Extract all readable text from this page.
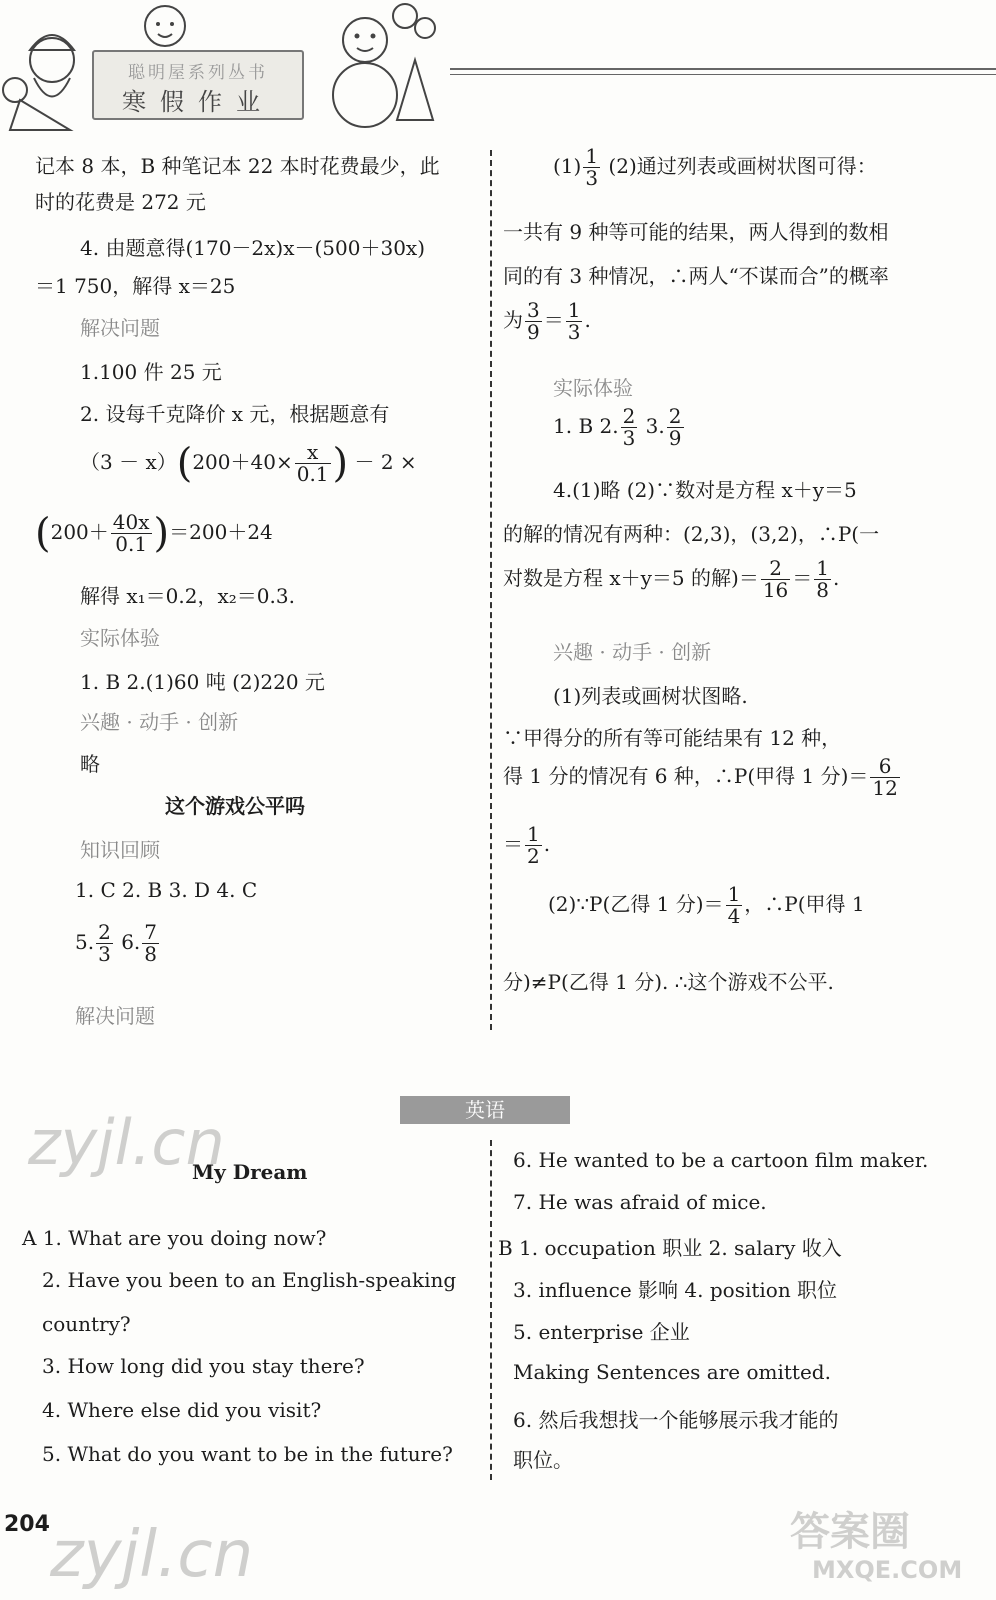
聪明屋系列丛书
寒假作业
记本 8 本，B 种笔记本 22 本时花费最少，此
时的花费是 272 元
4. 由题意得(170－2x)x－(500＋30x)
＝1 750，解得 x＝25
解决问题
1.100 件 25 元
2. 设每千克降价 x 元，根据题意有
$(3 - x)(200+40\times \frac{x}{0.1}$ ) － 2 ×
$(200+ \frac{40x}{0.1} )=200+24$
解得 x₁＝0.2，x₂＝0.3.
实际体验
1. B 2.(1)60 吨 (2)220 元
兴趣 · 动手 · 创新
略
这个游戏公平吗
知识回顾
1. C 2. B 3. D 4. C
5. $\frac{2}{3} 6$. $\frac{7}{8}$
解决问题
$(1) \frac{1}{3} (2)$通过列表或画树状图可得：
一共有 9 种等可能的结果，两人得到的数相
同的有 3 种情况，∴两人“不谋而合”的概率
为 $\frac{3}{9} = \frac{1}{3}$ .
实际体验
1. B 2. $\frac{2}{3} 3$. $\frac{2}{9}$
4.(1)略 (2)∵数对是方程 x＋y＝5
的解的情况有两种：(2,3)，(3,2)，∴P(一
对数是方程 x＋y＝5 的解)＝ $\frac{2}{16} = \frac{1}{8}$ .
兴趣 · 动手 · 创新
(1)列表或画树状图略.
∵甲得分的所有等可能结果有 12 种，
得 1 分的情况有 6 种，∴P(甲得 1 分)＝ $\frac{6}{12}$
＝ $\frac{1}{2}$ .
(2)∵P(乙得 1 分)＝ $\frac{1}{4}$ ，∴P(甲得 1
分)≠P(乙得 1 分). ∴这个游戏不公平.
英语
My Dream
A 1. What are you doing now?
2. Have you been to an English-speaking
country?
3. How long did you stay there?
4. Where else did you visit?
5. What do you want to be in the future?
6. He wanted to be a cartoon film maker.
7. He was afraid of mice.
B 1. occupation 职业 2. salary 收入
3. influence 影响 4. position 职位
5. enterprise 企业
Making Sentences are omitted.
6. 然后我想找一个能够展示我才能的
职位。
zyjl.cn
zyjl.cn	答案圈
MXQE.COM
204
